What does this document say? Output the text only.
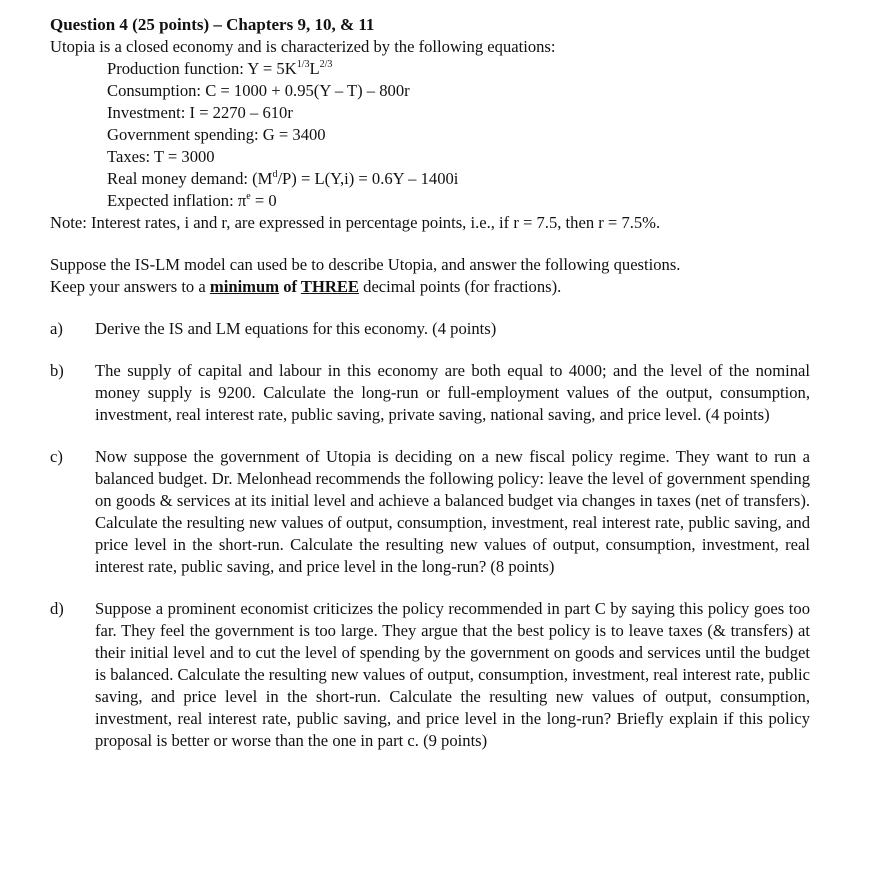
Question 4 (25 points) – Chapters 9, 10, & 11

Utopia is a closed economy and is characterized by the following equations:

Production function: $Y = 5K^{1/3}L^{2/3}$

Consumption: C = 1000 + 0.95(Y – T) – 800r

Investment: I = 2270 – 610r

Government spending: G = 3400

Taxes: T = 3000

Real money demand: $(M^d/P) = L(Y,i) = 0.6Y - 1400i$

Expected inflation: $\pi^e = 0$

Note: Interest rates, i and r, are expressed in percentage points, i.e., if r = 7.5, then r = 7.5%.

Suppose the IS-LM model can used be to describe Utopia, and answer the following questions.

Keep your answers to a minimum of THREE decimal points (for fractions).

a)	Derive the IS and LM equations for this economy. (4 points)
b)	The supply of capital and labour in this economy are both equal to 4000; and the level of the nominal money supply is 9200. Calculate the long-run or full-employment values of the output, consumption, investment, real interest rate, public saving, private saving, national saving, and price level. (4 points)
c)	Now suppose the government of Utopia is deciding on a new fiscal policy regime. They want to run a balanced budget. Dr. Melonhead recommends the following policy: leave the level of government spending on goods & services at its initial level and achieve a balanced budget via changes in taxes (net of transfers). Calculate the resulting new values of output, consumption, investment, real interest rate, public saving, and price level in the short-run. Calculate the resulting new values of output, consumption, investment, real interest rate, public saving, and price level in the long-run? (8 points)
d)	Suppose a prominent economist criticizes the policy recommended in part C by saying this policy goes too far. They feel the government is too large. They argue that the best policy is to leave taxes (& transfers) at their initial level and to cut the level of spending by the government on goods and services until the budget is balanced. Calculate the resulting new values of output, consumption, investment, real interest rate, public saving, and price level in the short-run. Calculate the resulting new values of output, consumption, investment, real interest rate, public saving, and price level in the long-run? Briefly explain if this policy proposal is better or worse than the one in part c. (9 points)
